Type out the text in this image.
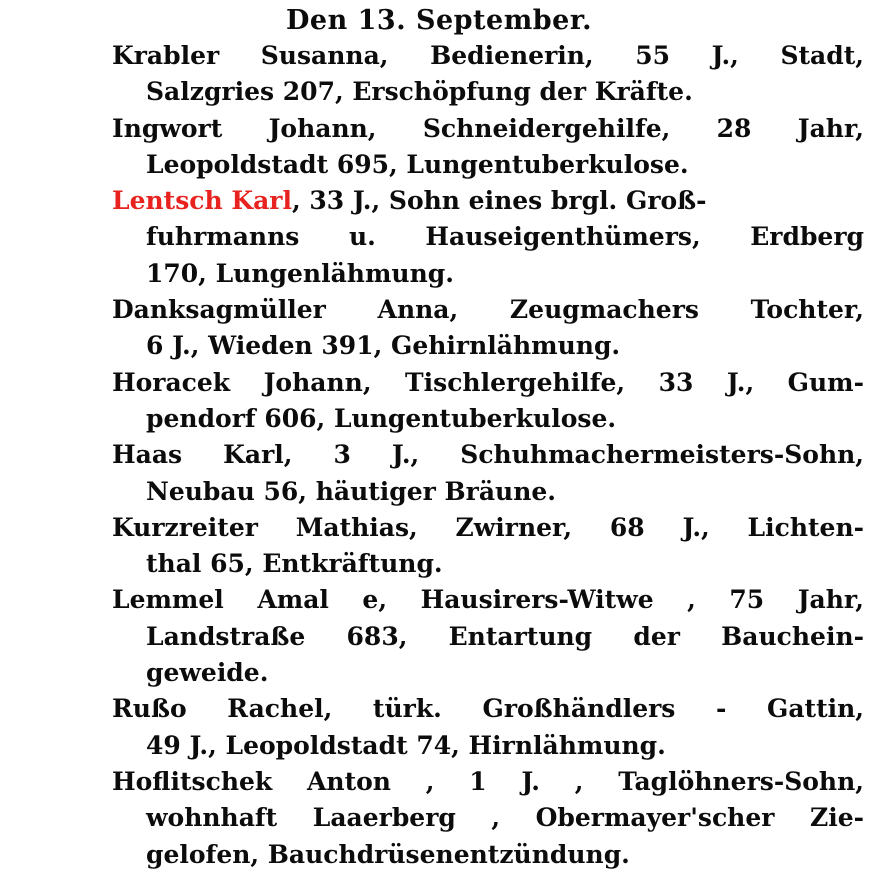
Den 13. September.
Krabler Susanna, Bedienerin, 55 J., Stadt,
Salzgries 207, Erschöpfung der Kräfte.
Ingwort Johann, Schneidergehilfe, 28 Jahr,
Leopoldstadt 695, Lungentuberkulose.
Lentsch Karl, 33 J., Sohn eines brgl. Groß-
fuhrmanns u. Hauseigenthümers, Erdberg
170, Lungenlähmung.
Danksagmüller Anna, Zeugmachers Tochter,
6 J., Wieden 391, Gehirnlähmung.
Horacek Johann, Tischlergehilfe, 33 J., Gum-
pendorf 606, Lungentuberkulose.
Haas Karl, 3 J., Schuhmachermeisters-Sohn,
Neubau 56, häutiger Bräune.
Kurzreiter Mathias, Zwirner, 68 J., Lichten-
thal 65, Entkräftung.
Lemmel Amal e, Hausirers-Witwe , 75 Jahr,
Landstraße 683, Entartung der Bauchein-
geweide.
Rußo Rachel, türk. Großhändlers - Gattin,
49 J., Leopoldstadt 74, Hirnlähmung.
Hoflitschek Anton , 1 J. , Taglöhners-Sohn,
wohnhaft Laaerberg , Obermayer'scher Zie-
gelofen, Bauchdrüsenentzündung.
